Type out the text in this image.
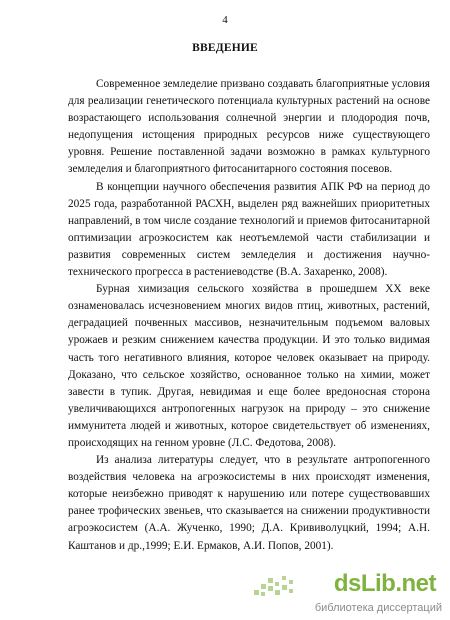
4
ВВЕДЕНИЕ

Современное земледелие призвано создавать благоприятные условия для реализации генетического потенциала культурных растений на основе возрастающего использования солнечной энергии и плодородия почв, недопущения истощения природных ресурсов ниже существующего уровня. Решение поставленной задачи возможно в рамках культурного земледелия и благоприятного фитосанитарного состояния посевов.

В концепции научного обеспечения развития АПК РФ на период до 2025 года, разработанной РАСХН, выделен ряд важнейших приоритетных направлений, в том числе создание технологий и приемов фитосанитарной оптимизации агроэкосистем как неотъемлемой части стабилизации и развития современных систем земледелия и достижения научно-технического прогресса в растениеводстве (В.А. Захаренко, 2008).

Бурная химизация сельского хозяйства в прошедшем XX веке ознаменовалась исчезновением многих видов птиц, животных, растений, деградацией почвенных массивов, незначительным подъемом валовых урожаев и резким снижением качества продукции. И это только видимая часть того негативного влияния, которое человек оказывает на природу. Доказано, что сельское хозяйство, основанное только на химии, может завести в тупик. Другая, невидимая и еще более вредоносная сторона увеличивающихся антропогенных нагрузок на природу – это снижение иммунитета людей и животных, которое свидетельствует об изменениях, происходящих на генном уровне (Л.С. Федотова, 2008).

Из анализа литературы следует, что в результате антропогенного воздействия человека на агроэкосистемы в них происходят изменения, которые неизбежно приводят к нарушению или потере существовавших ранее трофических звеньев, что сказывается на снижении продуктивности агроэкосистем (А.А. Жученко, 1990; Д.А. Крививолуцкий, 1994; А.Н. Каштанов и др.,1999; Е.И. Ермаков, А.И. Попов, 2001).

dsLib.net
библиотека диссертаций
